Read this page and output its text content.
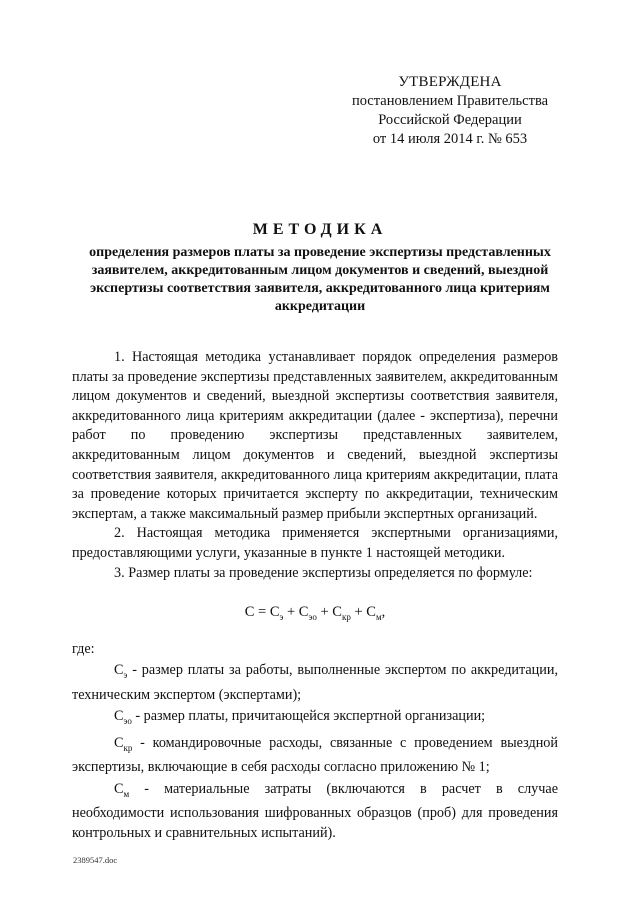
УТВЕРЖДЕНА
постановлением Правительства
Российской Федерации
от 14 июля 2014 г. № 653
МЕТОДИКА
определения размеров платы за проведение экспертизы представленных заявителем, аккредитованным лицом документов и сведений, выездной экспертизы соответствия заявителя, аккредитованного лица критериям аккредитации

1. Настоящая методика устанавливает порядок определения размеров платы за проведение экспертизы представленных заявителем, аккредитованным лицом документов и сведений, выездной экспертизы соответствия заявителя, аккредитованного лица критериям аккредитации (далее - экспертиза), перечни работ по проведению экспертизы представленных заявителем, аккредитованным лицом документов и сведений, выездной экспертизы соответствия заявителя, аккредитованного лица критериям аккредитации, плата за проведение которых причитается эксперту по аккредитации, техническим экспертам, а также максимальный размер прибыли экспертных организаций.

2. Настоящая методика применяется экспертными организациями, предоставляющими услуги, указанные в пункте 1 настоящей методики.

3. Размер платы за проведение экспертизы определяется по формуле:

$С = С_э + С_{эо} + С_{кр} + С_м$,

где:

$С_э$ - размер платы за работы, выполненные экспертом по аккредитации, техническим экспертом (экспертами);

$С_{эо}$ - размер платы, причитающейся экспертной организации;

$С_{кр}$ - командировочные расходы, связанные с проведением выездной экспертизы, включающие в себя расходы согласно приложению № 1;

$С_м$ - материальные затраты (включаются в расчет в случае необходимости использования шифрованных образцов (проб) для проведения контрольных и сравнительных испытаний).

2389547.doc
